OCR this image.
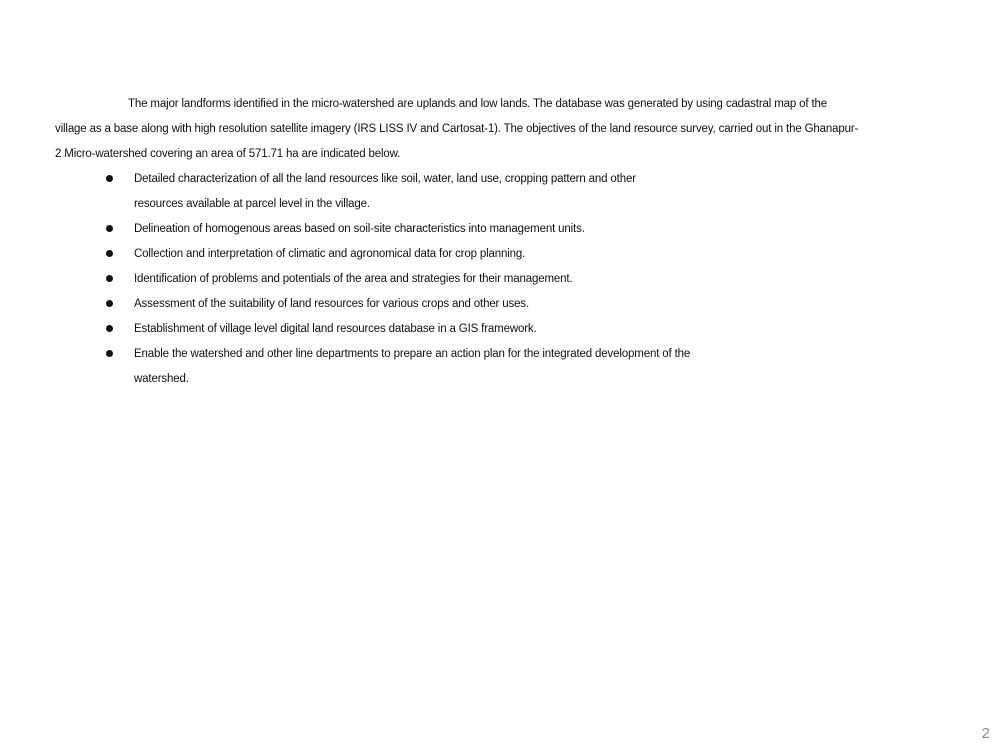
The major landforms identified in the micro-watershed are uplands and low lands. The database was generated by using cadastral map of the
village as a base along with high resolution satellite imagery (IRS LISS IV and Cartosat-1). The objectives of the land resource survey, carried out in the Ghanapur-
2 Micro-watershed covering an area of 571.71 ha are indicated below.
Detailed characterization of all the land resources like soil, water, land use, cropping pattern and other
resources available at parcel level in the village.
Delineation of homogenous areas based on soil-site characteristics into management units.
Collection and interpretation of climatic and agronomical data for crop planning.
Identification of problems and potentials of the area and strategies for their management.
Assessment of the suitability of land resources for various crops and other uses.
Establishment of village level digital land resources database in a GIS framework.
Enable the watershed and other line departments to prepare an action plan for the integrated development of the
watershed.
2
